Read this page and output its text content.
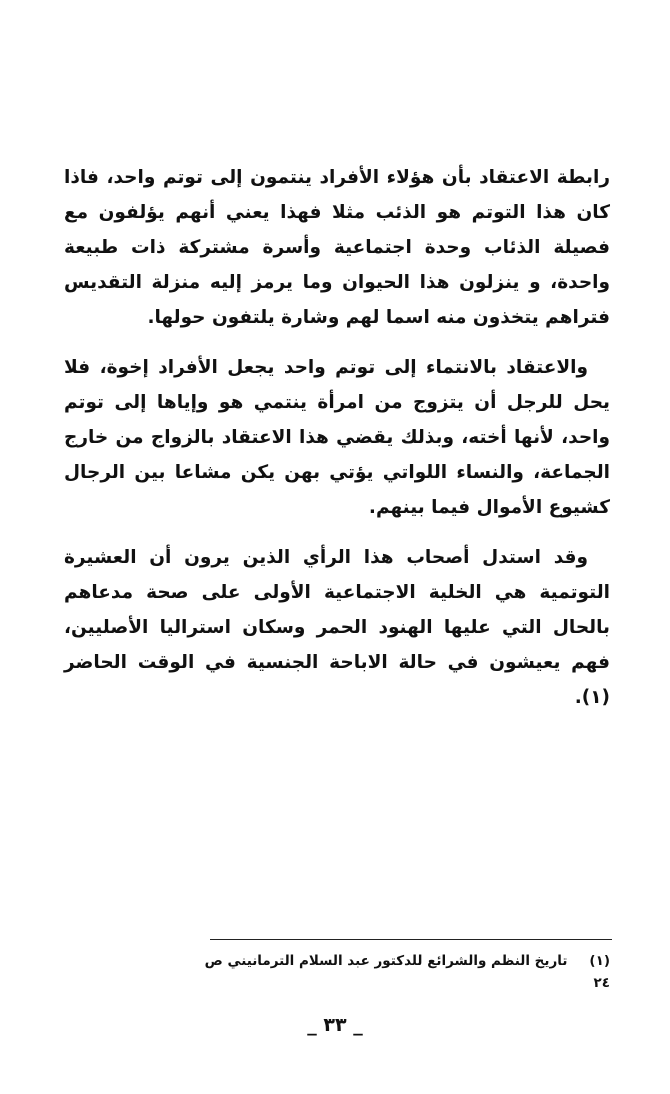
رابطة الاعتقاد بأن هؤلاء الأفراد ينتمون إلى توتم واحد، فاذا كان هذا التوتم هو الذئب مثلا فهذا يعني أنهم يؤلفون مع فصيلة الذئاب وحدة اجتماعية وأسرة مشتركة ذات طبيعة واحدة، و ينزلون هذا الحيوان وما يرمز إليه منزلة التقديس فتراهم يتخذون منه اسما لهم وشارة يلتفون حولها.

والاعتقاد بالانتماء إلى توتم واحد يجعل الأفراد إخوة، فلا يحل للرجل أن يتزوج من امرأة ينتمي هو وإياها إلى توتم واحد، لأنها أخته، وبذلك يقضي هذا الاعتقاد بالزواج من خارج الجماعة، والنساء اللواتي يؤتي بهن يكن مشاعا بين الرجال كشيوع الأموال فيما بينهم.

وقد استدل أصحاب هذا الرأي الذين يرون أن العشيرة التوتمية هي الخلية الاجتماعية الأولى على صحة مدعاهم بالحال التي عليها الهنود الحمر وسكان استراليا الأصليين، فهم يعيشون في حالة الاباحة الجنسية في الوقت الحاضر (١).

(١)تاريخ النظم والشرائع للدكتور عبد السلام الترمانيني ص ٢٤
_ ٣٣ _
